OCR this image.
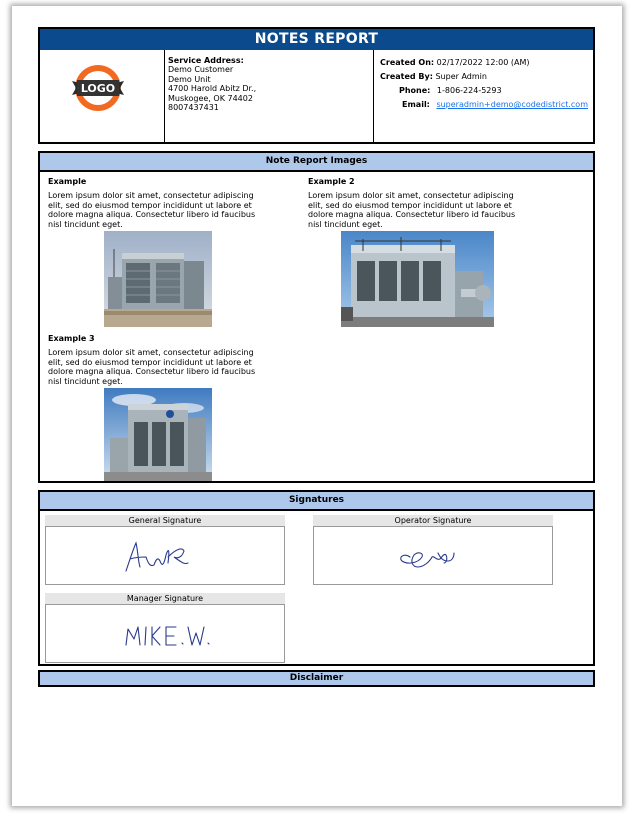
NOTES REPORT
LOGO
Service Address:
Demo Customer
Demo Unit
4700 Harold Abitz Dr.,
Muskogee, OK 74402
8007437431
Created On: 02/17/2022 12:00 (AM)
Created By: Super Admin
Phone: 1-806-224-5293
Email: superadmin+demo@codedistrict.com
Note Report Images
Example
Lorem ipsum dolor sit amet, consectetur adipiscing elit, sed do eiusmod tempor incididunt ut labore et dolore magna aliqua. Consectetur libero id faucibus nisl tincidunt eget.
Example 2
Lorem ipsum dolor sit amet, consectetur adipiscing elit, sed do eiusmod tempor incididunt ut labore et dolore magna aliqua. Consectetur libero id faucibus nisl tincidunt eget.
Example 3
Lorem ipsum dolor sit amet, consectetur adipiscing elit, sed do eiusmod tempor incididunt ut labore et dolore magna aliqua. Consectetur libero id faucibus nisl tincidunt eget.
Signatures
General Signature	Operator Signature
Manager Signature
Disclaimer
